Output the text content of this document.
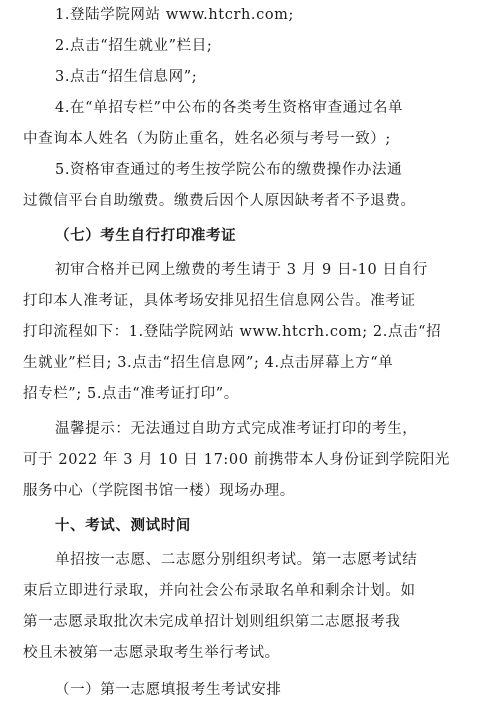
1.登陆学院网站 www.htcrh.com;
2.点击“招生就业”栏目;
3.点击“招生信息网”;
4.在“单招专栏”中公布的各类考生资格审查通过名单
中查询本人姓名（为防止重名，姓名必须与考号一致）;
5.资格审查通过的考生按学院公布的缴费操作办法通
过微信平台自助缴费。缴费后因个人原因缺考者不予退费。
（七）考生自行打印准考证
初审合格并已网上缴费的考生请于 3 月 9 日-10 日自行
打印本人准考证，具体考场安排见招生信息网公告。准考证
打印流程如下：1.登陆学院网站 www.htcrh.com; 2.点击“招
生就业”栏目; 3.点击“招生信息网”; 4.点击屏幕上方“单
招专栏”; 5.点击“准考证打印”。
温馨提示：无法通过自助方式完成准考证打印的考生，
可于 2022 年 3 月 10 日 17:00 前携带本人身份证到学院阳光
服务中心（学院图书馆一楼）现场办理。
十、考试、测试时间
单招按一志愿、二志愿分别组织考试。第一志愿考试结
束后立即进行录取，并向社会公布录取名单和剩余计划。如
第一志愿录取批次未完成单招计划则组织第二志愿报考我
校且未被第一志愿录取考生举行考试。
（一）第一志愿填报考生考试安排
